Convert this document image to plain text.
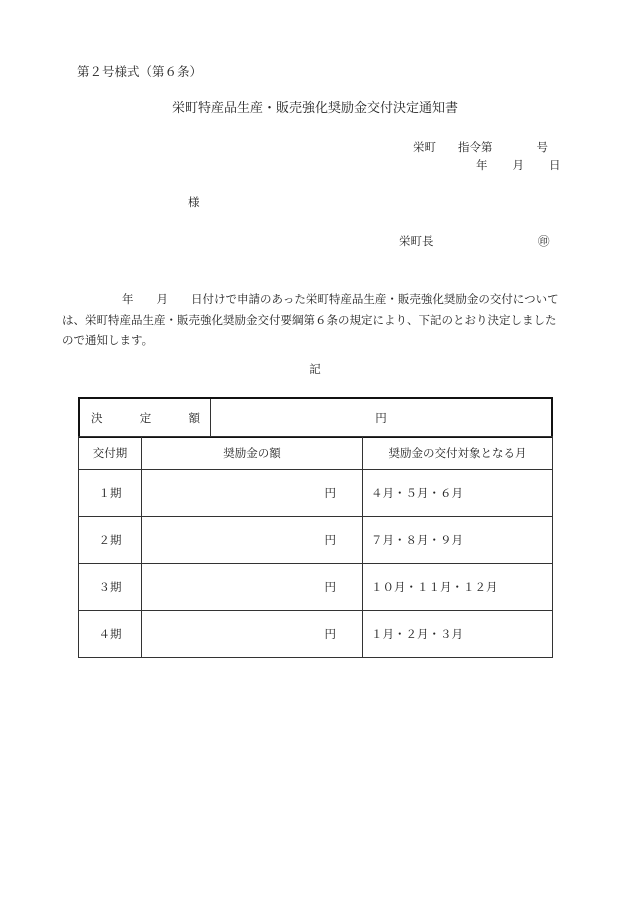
第２号様式（第６条）
栄町特産品生産・販売強化奨励金交付決定通知書
栄町 指令第	号
年 月 日
様
栄町長	㊞
年　　月　　日付けで申請のあった栄町特産品生産・販売強化奨励金の交付については、栄町特産品生産・販売強化奨励金交付要綱第６条の規定により、下記のとおり決定しましたので通知します。
記
決	定	額	円
交付期	奨励金の額	奨励金の交付対象となる月
１期	円	４月・５月・６月
２期	円	７月・８月・９月
３期	円	１０月・１１月・１２月
４期	円	１月・２月・３月
